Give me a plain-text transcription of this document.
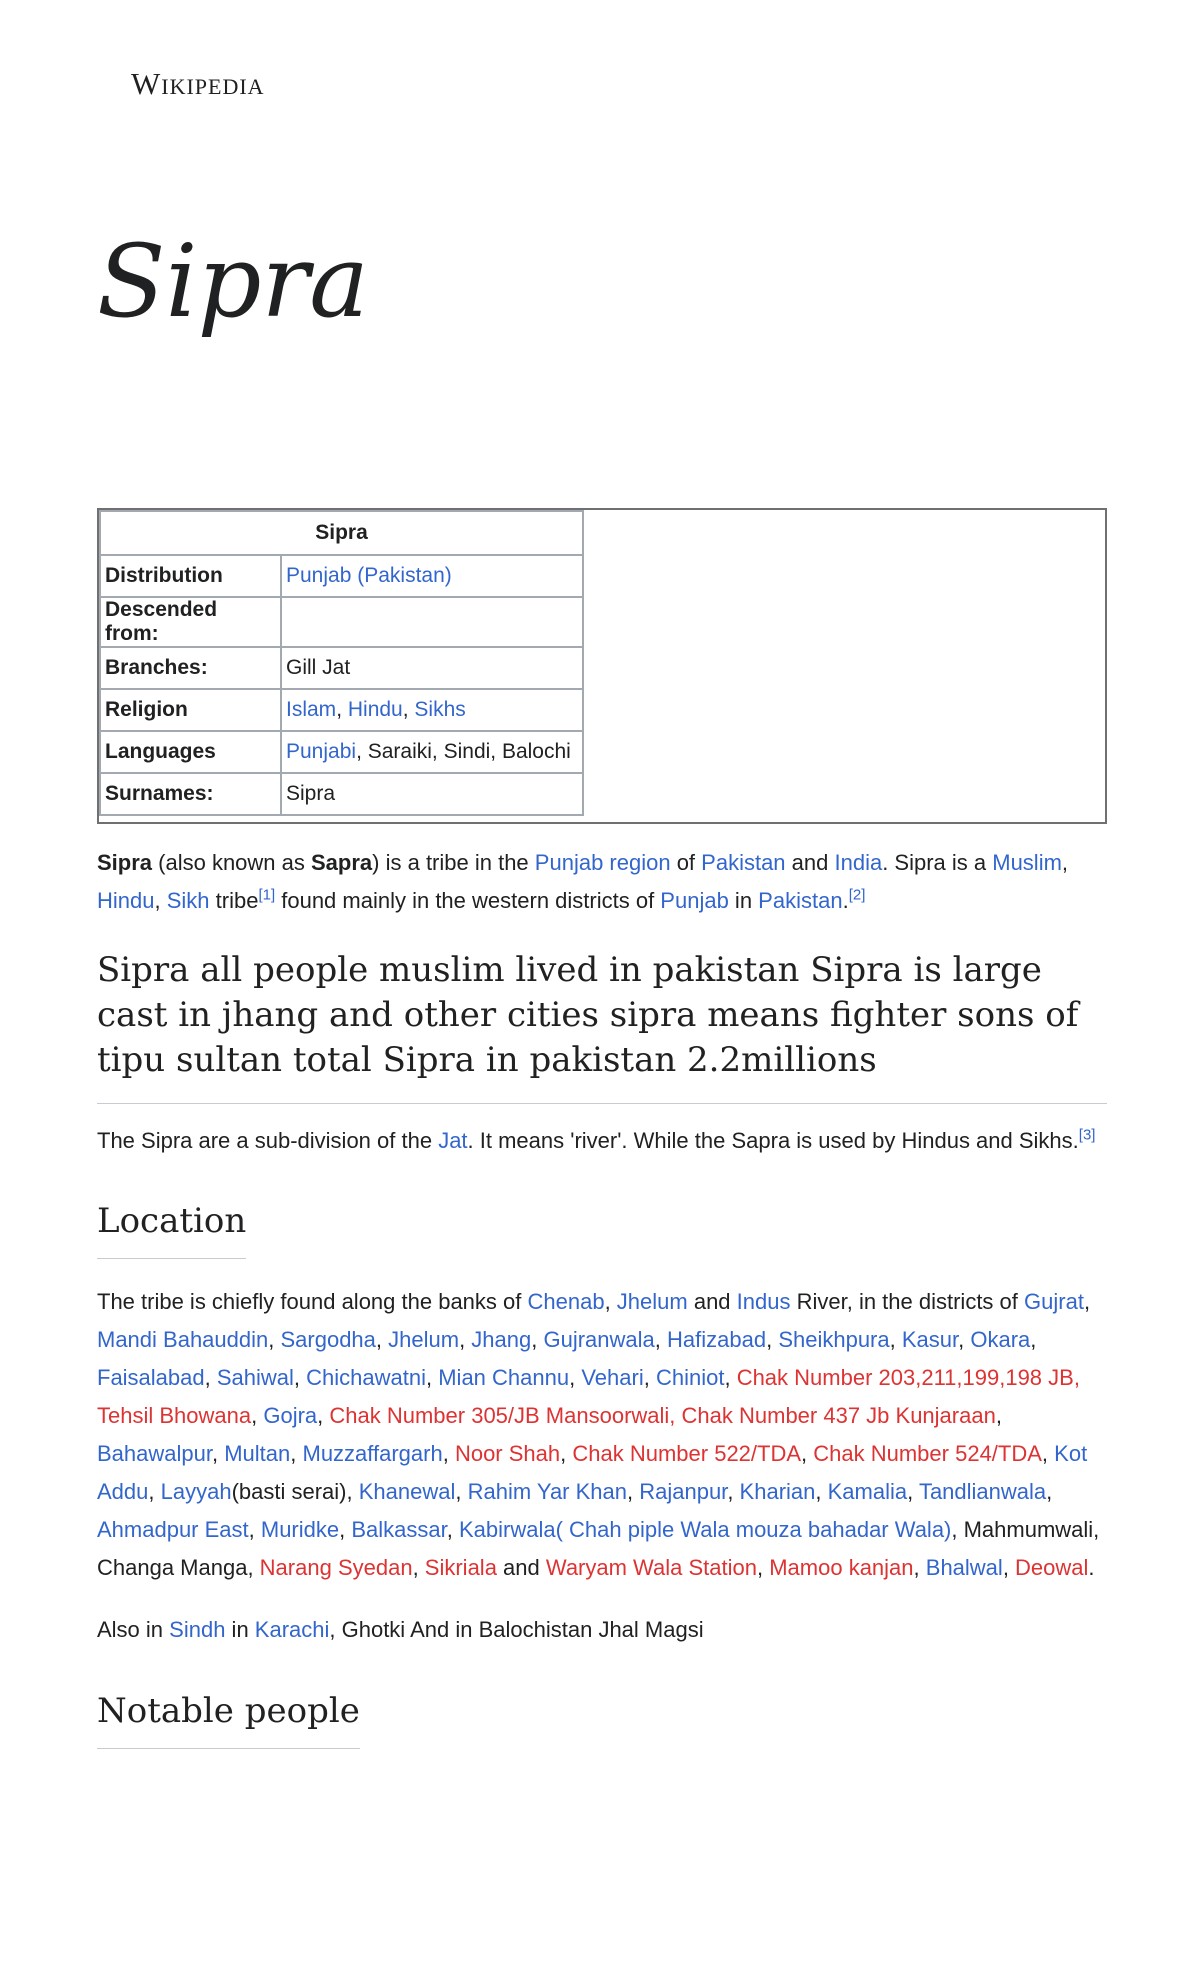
Wikipedia
Sipra
Sipra	
Distribution	Punjab (Pakistan)
Descended from:	
Branches:	Gill Jat
Religion	Islam, Hindu, Sikhs
Languages	Punjabi, Saraiki, Sindi, Balochi
Surnames:	Sipra

Sipra (also known as Sapra) is a tribe in the Punjab region of Pakistan and India. Sipra is a Muslim, Hindu, Sikh tribe[1] found mainly in the western districts of Punjab in Pakistan.[2]

Sipra all people muslim lived in pakistan Sipra is large cast in jhang and other cities sipra means fighter sons of tipu sultan total Sipra in pakistan 2.2millions

The Sipra are a sub-division of the Jat. It means 'river'. While the Sapra is used by Hindus and Sikhs.[3]

Location

The tribe is chiefly found along the banks of Chenab, Jhelum and Indus River, in the districts of Gujrat, Mandi Bahauddin, Sargodha, Jhelum, Jhang, Gujranwala, Hafizabad, Sheikhpura, Kasur, Okara, Faisalabad, Sahiwal, Chichawatni, Mian Channu, Vehari, Chiniot, Chak Number 203,211,199,198 JB, Tehsil Bhowana, Gojra, Chak Number 305/JB Mansoorwali, Chak Number 437 Jb Kunjaraan, Bahawalpur, Multan, Muzzaffargarh, Noor Shah, Chak Number 522/TDA, Chak Number 524/TDA, Kot Addu, Layyah(basti serai), Khanewal, Rahim Yar Khan, Rajanpur, Kharian, Kamalia, Tandlianwala, Ahmadpur East, Muridke, Balkassar, Kabirwala( Chah piple Wala mouza bahadar Wala), Mahmumwali, Changa Manga, Narang Syedan, Sikriala and Waryam Wala Station, Mamoo kanjan, Bhalwal, Deowal.

Also in Sindh in Karachi, Ghotki And in Balochistan Jhal Magsi

Notable people
